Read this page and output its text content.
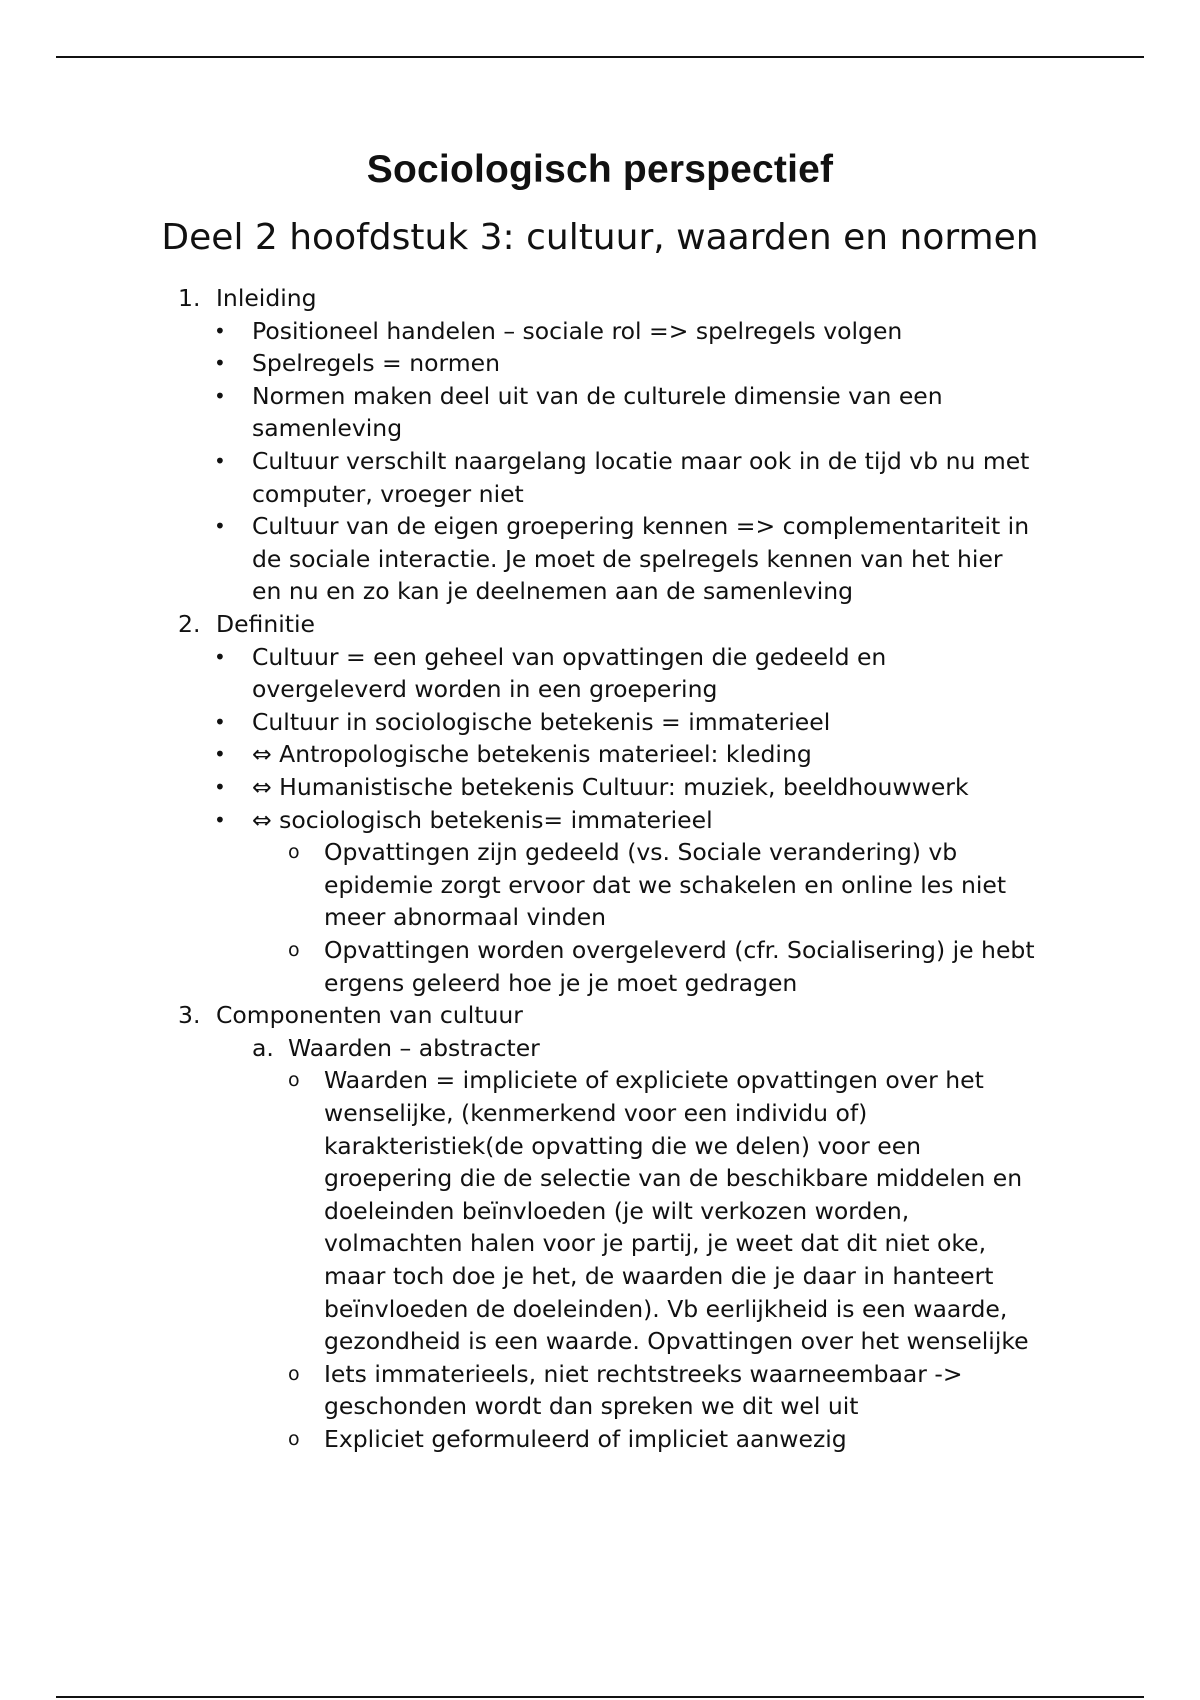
Sociologisch perspectief
Deel 2 hoofdstuk 3: cultuur, waarden en normen
1. Inleiding
• Positioneel handelen – sociale rol => spelregels volgen
• Spelregels = normen
• Normen maken deel uit van de culturele dimensie van een
samenleving
• Cultuur verschilt naargelang locatie maar ook in de tijd vb nu met
computer, vroeger niet
• Cultuur van de eigen groepering kennen => complementariteit in
de sociale interactie. Je moet de spelregels kennen van het hier
en nu en zo kan je deelnemen aan de samenleving
2. Definitie
• Cultuur = een geheel van opvattingen die gedeeld en
overgeleverd worden in een groepering
• Cultuur in sociologische betekenis = immaterieel
• ⇔ Antropologische betekenis materieel: kleding
• ⇔ Humanistische betekenis Cultuur: muziek, beeldhouwwerk
• ⇔ sociologisch betekenis= immaterieel
o Opvattingen zijn gedeeld (vs. Sociale verandering) vb
epidemie zorgt ervoor dat we schakelen en online les niet
meer abnormaal vinden
o Opvattingen worden overgeleverd (cfr. Socialisering) je hebt
ergens geleerd hoe je je moet gedragen
3. Componenten van cultuur
a. Waarden – abstracter
o Waarden = impliciete of expliciete opvattingen over het
wenselijke, (kenmerkend voor een individu of)
karakteristiek(de opvatting die we delen) voor een
groepering die de selectie van de beschikbare middelen en
doeleinden beïnvloeden (je wilt verkozen worden,
volmachten halen voor je partij, je weet dat dit niet oke,
maar toch doe je het, de waarden die je daar in hanteert
beïnvloeden de doeleinden). Vb eerlijkheid is een waarde,
gezondheid is een waarde. Opvattingen over het wenselijke
o Iets immaterieels, niet rechtstreeks waarneembaar ->
geschonden wordt dan spreken we dit wel uit
o Expliciet geformuleerd of impliciet aanwezig
